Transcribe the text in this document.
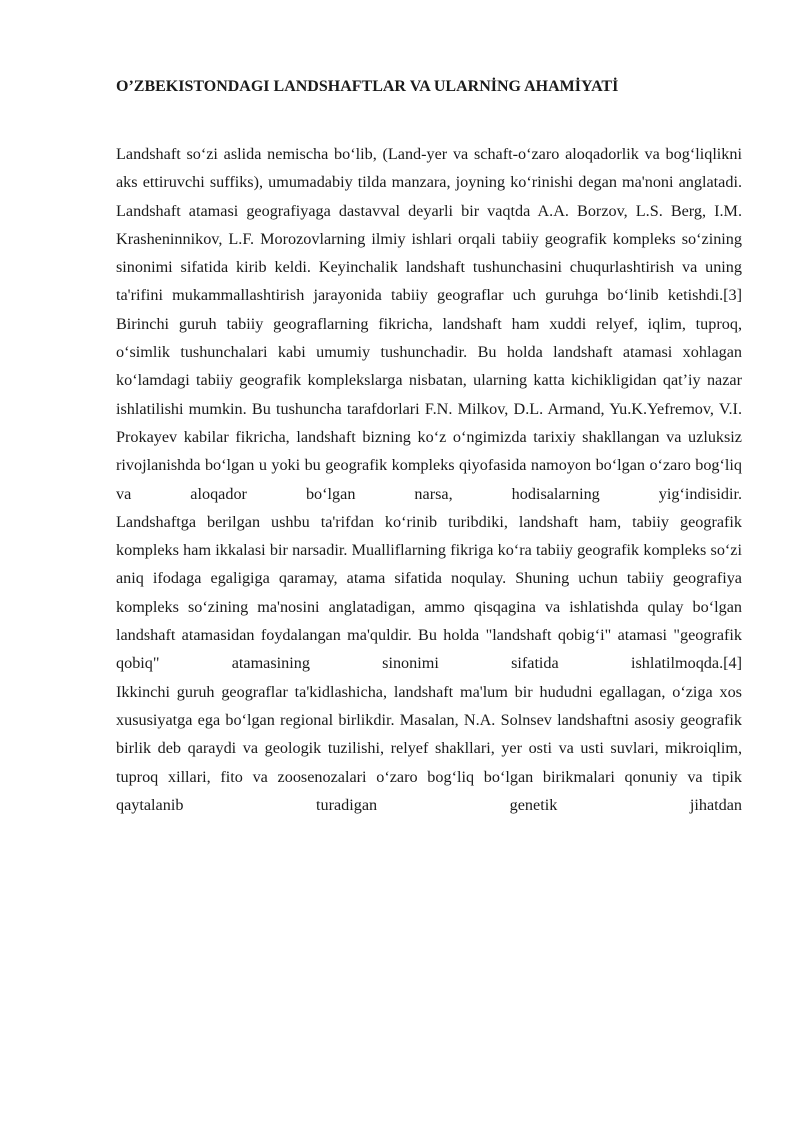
O’ZBEKISTONDAGI LANDSHAFTLAR VA ULARNİNG AHAMİYATİ

Landshaft so‘zi aslida nemischa bo‘lib, (Land-yer va schaft-o‘zaro aloqadorlik va bog‘liqlikni aks ettiruvchi suffiks), umumadabiy tilda manzara, joyning ko‘rinishi degan ma'noni anglatadi.

Landshaft atamasi geografiyaga dastavval deyarli bir vaqtda A.A. Borzov, L.S. Berg, I.M. Krasheninnikov, L.F. Morozovlarning ilmiy ishlari orqali tabiiy geografik kompleks so‘zining sinonimi sifatida kirib keldi. Keyinchalik landshaft tushunchasini chuqurlashtirish va uning ta'rifini mukammallashtirish jarayonida tabiiy geograflar uch guruhga bo‘linib ketishdi.[3]

Birinchi guruh tabiiy geograflarning fikricha, landshaft ham xuddi relyef, iqlim, tuproq, o‘simlik tushunchalari kabi umumiy tushunchadir. Bu holda landshaft atamasi xohlagan ko‘lamdagi tabiiy geografik komplekslarga nisbatan, ularning katta kichikligidan qat’iy nazar ishlatilishi mumkin. Bu tushuncha tarafdorlari F.N. Milkov, D.L. Armand, Yu.K.Yefremov, V.I. Prokayev kabilar fikricha, landshaft bizning ko‘z o‘ngimizda tarixiy shakllangan va uzluksiz rivojlanishda bo‘lgan u yoki bu geografik kompleks qiyofasida namoyon bo‘lgan o‘zaro bog‘liq va aloqador bo‘lgan narsa, hodisalarning yig‘indisidir.

Landshaftga berilgan ushbu ta'rifdan ko‘rinib turibdiki, landshaft ham, tabiiy geografik kompleks ham ikkalasi bir narsadir. Mualliflarning fikriga ko‘ra tabiiy geografik kompleks so‘zi aniq ifodaga egaligiga qaramay, atama sifatida noqulay. Shuning uchun tabiiy geografiya kompleks so‘zining ma'nosini anglatadigan, ammo qisqagina va ishlatishda qulay bo‘lgan landshaft atamasidan foydalangan ma'quldir. Bu holda "landshaft qobig‘i" atamasi "geografik qobiq" atamasining sinonimi sifatida ishlatilmoqda.[4]

Ikkinchi guruh geograflar ta'kidlashicha, landshaft ma'lum bir hududni egallagan, o‘ziga xos xususiyatga ega bo‘lgan regional birlikdir. Masalan, N.A. Solnsev landshaftni asosiy geografik birlik deb qaraydi va geologik tuzilishi, relyef shakllari, yer osti va usti suvlari, mikroiqlim, tuproq xillari, fito va zoosenozalari o‘zaro bog‘liq bo‘lgan birikmalari qonuniy va tipik qaytalanib turadigan genetik jihatdan
